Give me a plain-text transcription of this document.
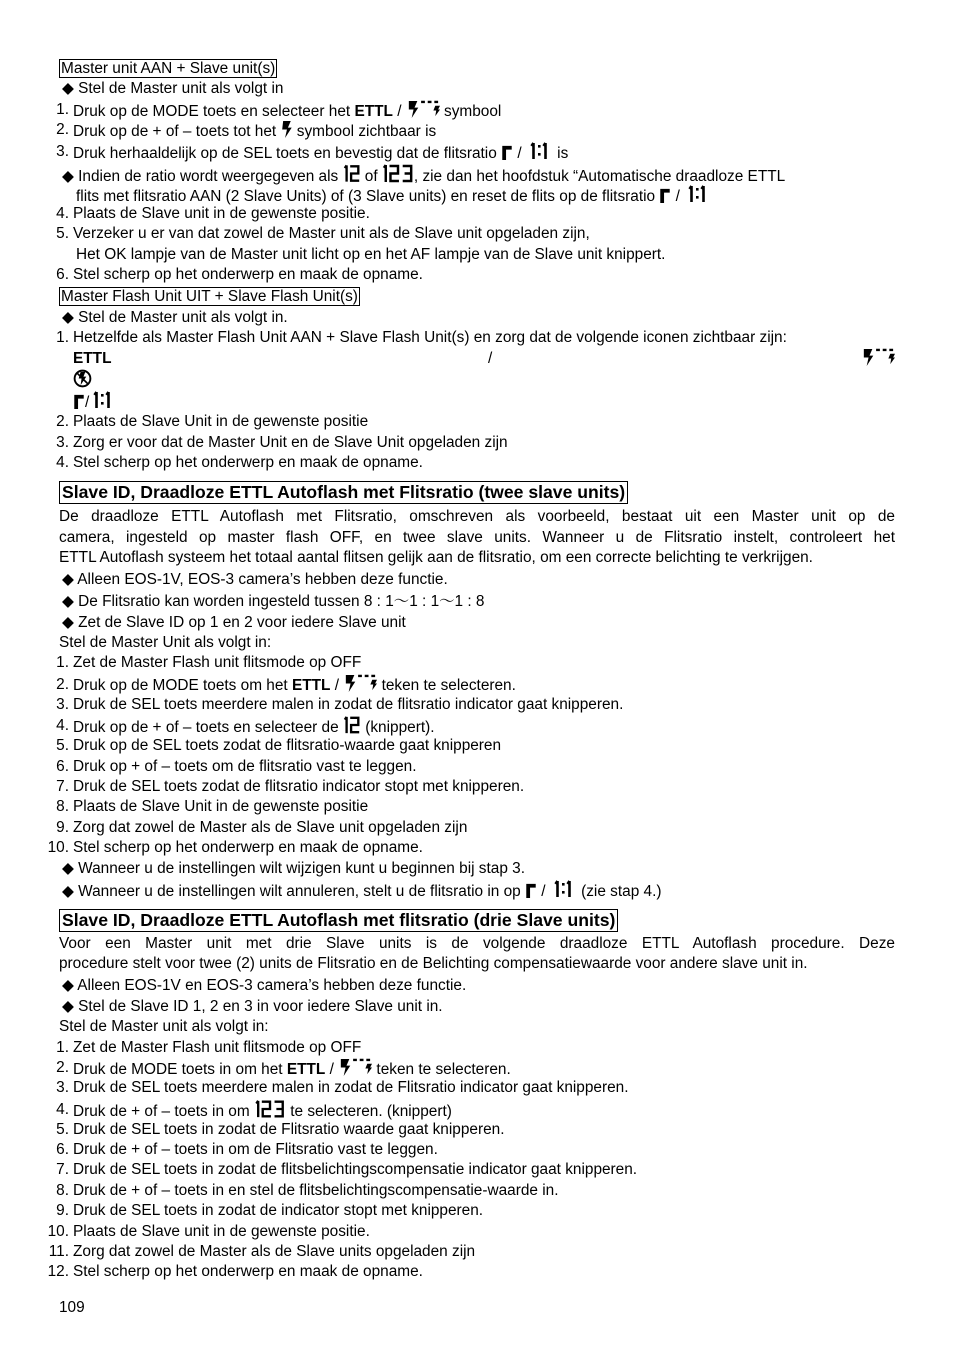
Master unit AAN + Slave unit(s)
◆ Stel de Master unit als volgt in
1. Druk op de MODE toets en selecteer het ETTL /  symbool
2. Druk op de + of – toets tot het  symbool zichtbaar is
3. Druk herhaaldelijk op de SEL toets en bevestig dat de flitsratio  /  is
◆ Indien de ratio wordt weergegeven als  of , zie dan het hoofdstuk “Automatische draadloze ETTL
flits met flitsratio AAN (2 Slave Units) of (3 Slave units) en reset de flits op de flitsratio  /
4. Plaats de Slave unit in de gewenste positie.
5. Verzeker u er van dat zowel de Master unit als de Slave unit opgeladen zijn,
Het OK lampje van de Master unit licht op en het AF lampje van de Slave unit knippert.
6. Stel scherp op het onderwerp en maak de opname.
Master Flash Unit UIT + Slave Flash Unit(s)
◆ Stel de Master unit als volgt in.
1. Hetzelfde als Master Flash Unit AAN + Slave Flash Unit(s) en zorg dat de volgende iconen zichtbaar zijn:
ETTL	/
/
2. Plaats de Slave Unit in de gewenste positie
3. Zorg er voor dat de Master Unit en de Slave Unit opgeladen zijn
4. Stel scherp op het onderwerp en maak de opname.
Slave ID, Draadloze ETTL Autoflash met Flitsratio (twee slave units)
De draadloze ETTL Autoflash met Flitsratio, omschreven als voorbeeld, bestaat uit een Master unit op de
camera, ingesteld op master flash OFF, en twee slave units. Wanneer u de Flitsratio instelt, controleert het
ETTL Autoflash systeem het totaal aantal flitsen gelijk aan de flitsratio, om een correcte belichting te verkrijgen.
◆ Alleen EOS-1V, EOS-3 camera’s hebben deze functie.
◆ De Flitsratio kan worden ingesteld tussen 8 : 1～1 : 1～1 : 8
◆ Zet de Slave ID op 1 en 2 voor iedere Slave unit
Stel de Master Unit als volgt in:
1. Zet de Master Flash unit flitsmode op OFF
2. Druk op de MODE toets om het ETTL /  teken te selecteren.
3. Druk de SEL toets meerdere malen in zodat de flitsratio indicator gaat knipperen.
4. Druk op de + of – toets en selecteer de  (knippert).
5. Druk op de SEL toets zodat de flitsratio-waarde gaat knipperen
6. Druk op + of – toets om de flitsratio vast te leggen.
7. Druk de SEL toets zodat de flitsratio indicator stopt met knipperen.
8. Plaats de Slave Unit in de gewenste positie
9. Zorg dat zowel de Master als de Slave unit opgeladen zijn
10. Stel scherp op het onderwerp en maak de opname.
◆ Wanneer u de instellingen wilt wijzigen kunt u beginnen bij stap 3.
◆ Wanneer u de instellingen wilt annuleren, stelt u de flitsratio in op  /  (zie stap 4.)
Slave ID, Draadloze ETTL Autoflash met flitsratio (drie Slave units)
Voor een Master unit met drie Slave units is de volgende draadloze ETTL Autoflash procedure. Deze
procedure stelt voor twee (2) units de Flitsratio en de Belichting compensatiewaarde voor andere slave unit in.
◆ Alleen EOS-1V en EOS-3 camera’s hebben deze functie.
◆ Stel de Slave ID 1, 2 en 3 in voor iedere Slave unit in.
Stel de Master unit als volgt in:
1. Zet de Master Flash unit flitsmode op OFF
2. Druk de MODE toets in om het ETTL /  teken te selecteren.
3. Druk de SEL toets meerdere malen in zodat de Flitsratio indicator gaat knipperen.
4. Druk de + of – toets in om  te selecteren. (knippert)
5. Druk de SEL toets in zodat de Flitsratio waarde gaat knipperen.
6. Druk de + of – toets in om de Flitsratio vast te leggen.
7. Druk de SEL toets in zodat de flitsbelichtingscompensatie indicator gaat knipperen.
8. Druk de + of – toets in en stel de flitsbelichtingscompensatie-waarde in.
9. Druk de SEL toets in zodat de indicator stopt met knipperen.
10. Plaats de Slave unit in de gewenste positie.
11. Zorg dat zowel de Master als de Slave units opgeladen zijn
12. Stel scherp op het onderwerp en maak de opname.
109
